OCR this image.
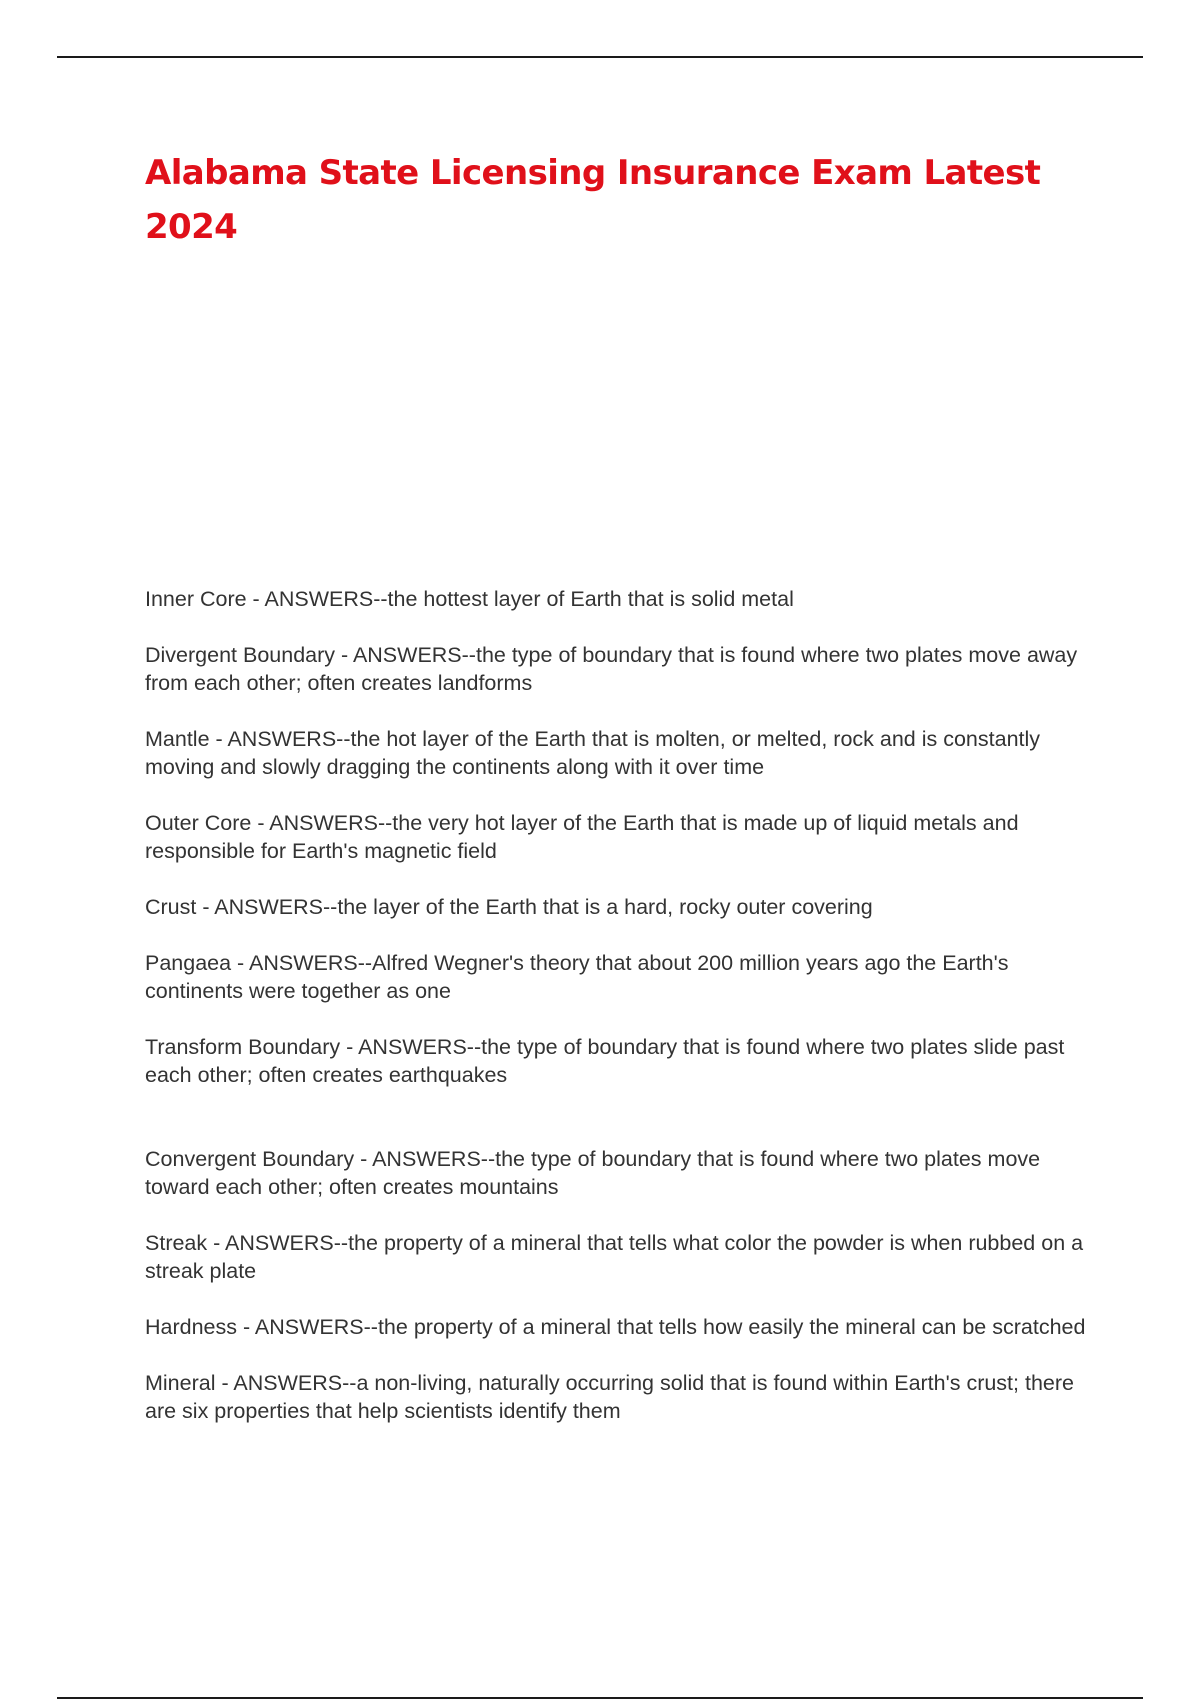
Alabama State Licensing Insurance Exam Latest 2024

Inner Core - ANSWERS--the hottest layer of Earth that is solid metal

Divergent Boundary - ANSWERS--the type of boundary that is found where two plates move away from each other; often creates landforms

Mantle - ANSWERS--the hot layer of the Earth that is molten, or melted, rock and is constantly moving and slowly dragging the continents along with it over time

Outer Core - ANSWERS--the very hot layer of the Earth that is made up of liquid metals and responsible for Earth's magnetic field

Crust - ANSWERS--the layer of the Earth that is a hard, rocky outer covering

Pangaea - ANSWERS--Alfred Wegner's theory that about 200 million years ago the Earth's continents were together as one

Transform Boundary - ANSWERS--the type of boundary that is found where two plates slide past each other; often creates earthquakes

Convergent Boundary - ANSWERS--the type of boundary that is found where two plates move toward each other; often creates mountains

Streak - ANSWERS--the property of a mineral that tells what color the powder is when rubbed on a streak plate

Hardness - ANSWERS--the property of a mineral that tells how easily the mineral can be scratched

Mineral - ANSWERS--a non-living, naturally occurring solid that is found within Earth's crust; there are six properties that help scientists identify them
